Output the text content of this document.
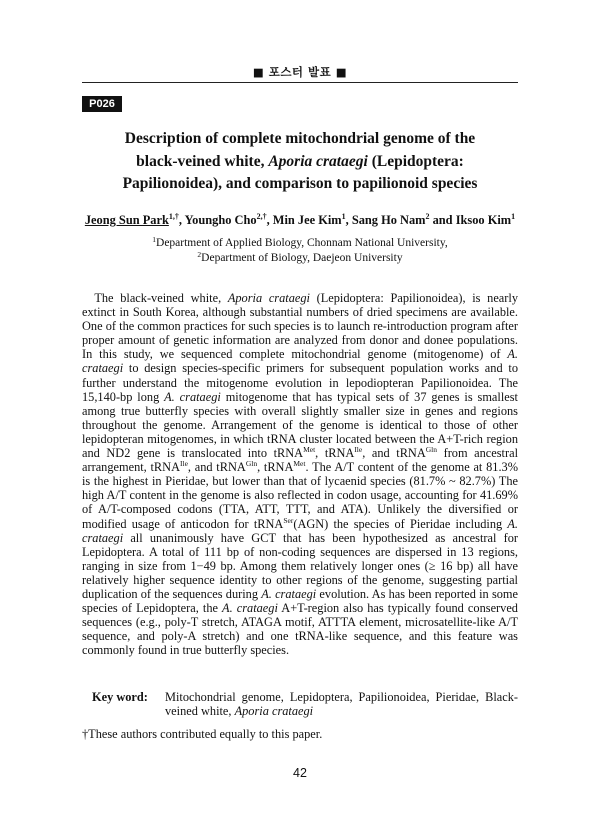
■ 포스터 발표 ■
P026
Description of complete mitochondrial genome of the
black-veined white, Aporia crataegi (Lepidoptera:
Papilionoidea), and comparison to papilionoid species
Jeong Sun Park$^{1,\dagger}$, Youngho Cho$^{2,\dagger}$, Min Jee Kim$^1$, Sang Ho Nam$^2$ and Iksoo Kim$^1$
$^1$Department of Applied Biology, Chonnam National University,
$^2$Department of Biology, Daejeon University

 The black-veined white, Aporia crataegi (Lepidoptera: Papilionoidea), is nearly extinct in South Korea, although substantial numbers of dried specimens are available. One of the common practices for such species is to launch re-introduction program after proper amount of genetic information are analyzed from donor and donee populations. In this study, we sequenced complete mitochondrial genome (mitogenome) of A. crataegi to design species-specific primers for subsequent population works and to further understand the mitogenome evolution in lepodiopteran Papilionoidea. The 15,140-bp long A. crataegi mitogenome that has typical sets of 37 genes is smallest among true butterfly species with overall slightly smaller size in genes and regions throughout the genome. Arrangement of the genome is identical to those of other lepidopteran mitogenomes, in which tRNA cluster located between the A+T-rich region and ND2 gene is translocated into tRNA$^{Met}$, tRNA$^{Ile}$, and tRNA$^{Gln}$ from ancestral arrangement, tRNA$^{Ile}$, and tRNA$^{Gln}$, tRNA$^{Met}$. The A/T content of the genome at 81.3% is the highest in Pieridae, but lower than that of lycaenid species (81.7% ~ 82.7%) The high A/T content in the genome is also reflected in codon usage, accounting for 41.69% of A/T-composed codons (TTA, ATT, TTT, and ATA). Unlikely the diversified or modified usage of anticodon for tRNA$^{Ser}$(AGN) the species of Pieridae including A. crataegi all unanimously have GCT that has been hypothesized as ancestral for Lepidoptera. A total of 111 bp of non-coding sequences are dispersed in 13 regions, ranging in size from 1−49 bp. Among them relatively longer ones (≥ 16 bp) all have relatively higher sequence identity to other regions of the genome, suggesting partial duplication of the sequences during A. crataegi evolution. As has been reported in some species of Lepidoptera, the A. crataegi A+T-region also has typically found conserved sequences (e.g., poly-T stretch, ATAGA motif, ATTTA element, microsatellite-like A/T sequence, and poly-A stretch) and one tRNA-like sequence, and this feature was commonly found in true butterfly species.

Key word:	Mitochondrial genome, Lepidoptera, Papilionoidea, Pieridae, Black-veined white, Aporia crataegi
†These authors contributed equally to this paper.
42
